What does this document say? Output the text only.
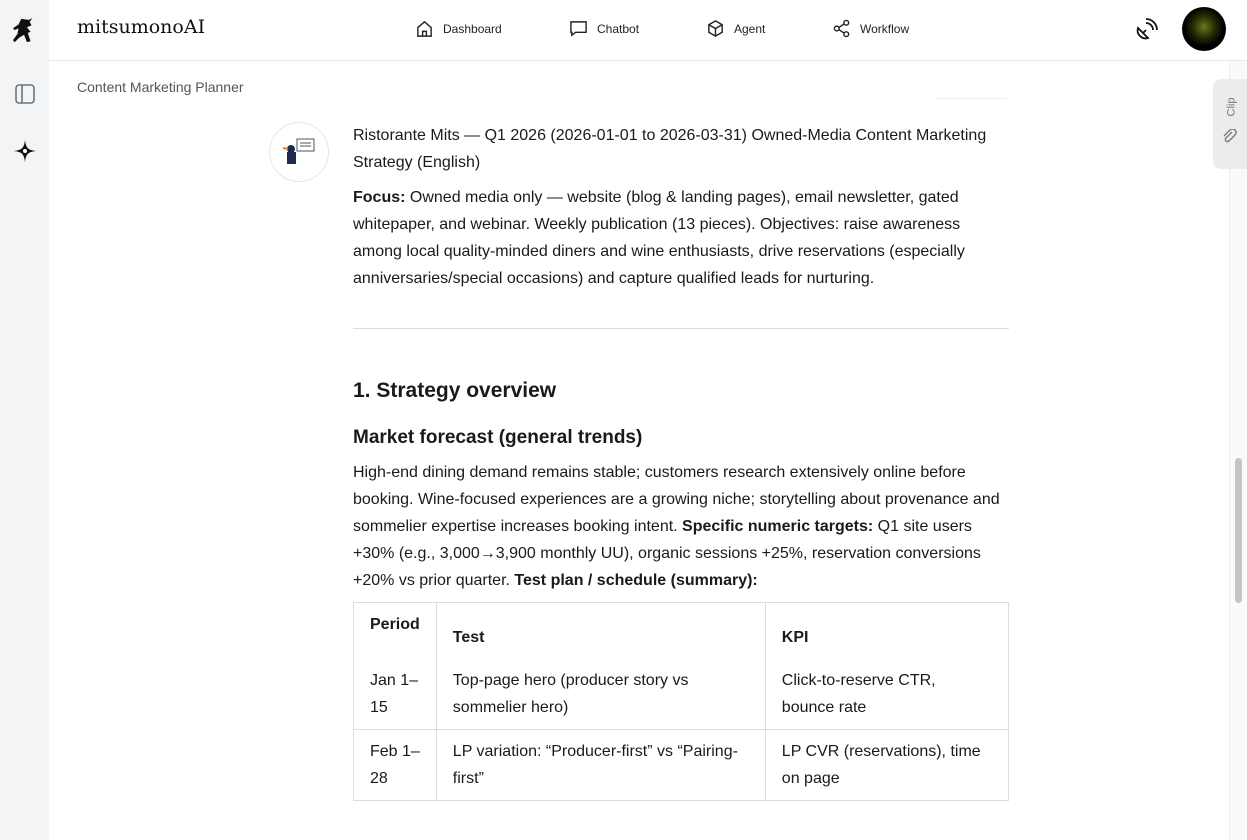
mitsumonoAI	Dashboard	Chatbot	Agent	Workflow
Content Marketing Planner

Ristorante Mits — Q1 2026 (2026-01-01 to 2026-03-31) Owned-Media Content Marketing Strategy (English)

Focus: Owned media only — website (blog & landing pages), email newsletter, gated whitepaper, and webinar. Weekly publication (13 pieces). Objectives: raise awareness among local quality-minded diners and wine enthusiasts, drive reservations (especially anniversaries/special occasions) and capture qualified leads for nurturing.

1. Strategy overview
Market forecast (general trends)

High-end dining demand remains stable; customers research extensively online before booking. Wine-focused experiences are a growing niche; storytelling about provenance and sommelier expertise increases booking intent. Specific numeric targets: Q1 site users +30% (e.g., 3,000→3,900 monthly UU), organic sessions +25%, reservation conversions +20% vs prior quarter. Test plan / schedule (summary):

Period	Test	KPI
Jan 1–15	Top-page hero (producer story vs sommelier hero)	Click-to-reserve CTR, bounce rate
Feb 1–28	LP variation: “Producer-first” vs “Pairing-first”	LP CVR (reservations), time on page
Clip
